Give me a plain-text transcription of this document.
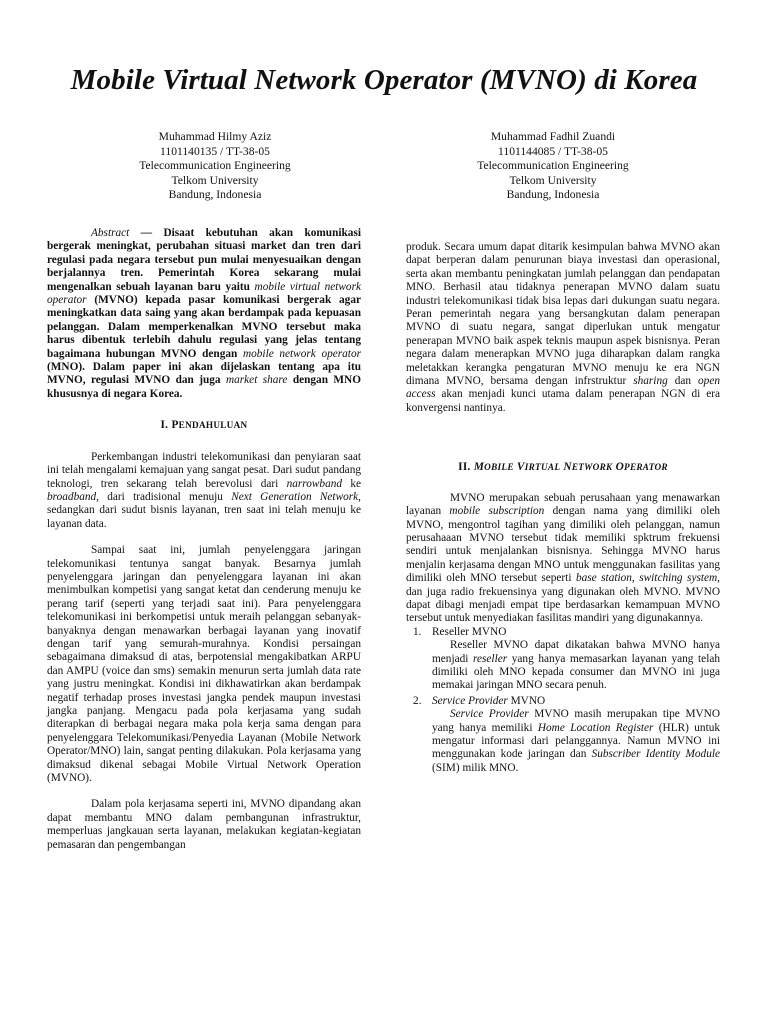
Mobile Virtual Network Operator (MVNO) di Korea
Muhammad Hilmy Aziz
1101140135 / TT-38-05
Telecommunication Engineering
Telkom University
Bandung, Indonesia
Muhammad Fadhil Zuandi
1101144085 / TT-38-05
Telecommunication Engineering
Telkom University
Bandung, Indonesia

Abstract — Disaat kebutuhan akan komunikasi bergerak meningkat, perubahan situasi market dan tren dari regulasi pada negara tersebut pun mulai menyesuaikan dengan berjalannya tren. Pemerintah Korea sekarang mulai mengenalkan sebuah layanan baru yaitu mobile virtual network operator (MVNO) kepada pasar komunikasi bergerak agar meningkatkan data saing yang akan berdampak pada kepuasan pelanggan. Dalam memperkenalkan MVNO tersebut maka harus dibentuk terlebih dahulu regulasi yang jelas tentang bagaimana hubungan MVNO dengan mobile network operator (MNO). Dalam paper ini akan dijelaskan tentang apa itu MVNO, regulasi MVNO dan juga market share dengan MNO khususnya di negara Korea.

I. PENDAHULUAN

Perkembangan industri telekomunikasi dan penyiaran saat ini telah mengalami kemajuan yang sangat pesat. Dari sudut pandang teknologi, tren sekarang telah berevolusi dari narrowband ke broadband, dari tradisional menuju Next Generation Network, sedangkan dari sudut bisnis layanan, tren saat ini telah menuju ke layanan data.

Sampai saat ini, jumlah penyelenggara jaringan telekomunikasi tentunya sangat banyak. Besarnya jumlah penyelenggara jaringan dan penyelenggara layanan ini akan menimbulkan kompetisi yang sangat ketat dan cenderung menuju ke perang tarif (seperti yang terjadi saat ini). Para penyelenggara telekomunikasi ini berkompetisi untuk meraih pelanggan sebanyak-banyaknya dengan menawarkan berbagai layanan yang inovatif dengan tarif yang semurah-murahnya. Kondisi persaingan sebagaimana dimaksud di atas, berpotensial mengakibatkan ARPU dan AMPU (voice dan sms) semakin menurun serta jumlah data rate yang justru meningkat. Kondisi ini dikhawatirkan akan berdampak negatif terhadap proses investasi jangka pendek maupun investasi jangka panjang. Mengacu pada pola kerjasama yang sudah diterapkan di berbagai negara maka pola kerja sama dengan para penyelenggara Telekomunikasi/Penyedia Layanan (Mobile Network Operator/MNO) lain, sangat penting dilakukan. Pola kerjasama yang dimaksud dikenal sebagai Mobile Virtual Network Operation (MVNO).

Dalam pola kerjasama seperti ini, MVNO dipandang akan dapat membantu MNO dalam pembangunan infrastruktur, memperluas jangkauan serta layanan, melakukan kegiatan-kegiatan pemasaran dan pengembangan

produk. Secara umum dapat ditarik kesimpulan bahwa MVNO akan dapat berperan dalam penurunan biaya investasi dan operasional, serta akan membantu peningkatan jumlah pelanggan dan pendapatan MNO. Berhasil atau tidaknya penerapan MVNO dalam suatu industri telekomunikasi tidak bisa lepas dari dukungan suatu negara. Peran pemerintah negara yang bersangkutan dalam penerapan MVNO di suatu negara, sangat diperlukan untuk mengatur penerapan MVNO baik aspek teknis maupun aspek bisnisnya. Peran negara dalam menerapkan MVNO juga diharapkan dalam rangka meletakkan kerangka pengaturan MVNO menuju ke era NGN dimana MVNO, bersama dengan infrstruktur sharing dan open access akan menjadi kunci utama dalam penerapan NGN di era konvergensi nantinya.

II. MOBILE VIRTUAL NETWORK OPERATOR

MVNO merupakan sebuah perusahaan yang menawarkan layanan mobile subscription dengan nama yang dimiliki oleh MVNO, mengontrol tagihan yang dimiliki oleh pelanggan, namun perusahaaan MVNO tersebut tidak memiliki spktrum frekuensi sendiri untuk menjalankan bisnisnya. Sehingga MVNO harus menjalin kerjasama dengan MNO untuk menggunakan fasilitas yang dimiliki oleh MNO tersebut seperti base station, switching system, dan juga radio frekuensinya yang digunakan oleh MVNO. MVNO dapat dibagi menjadi empat tipe berdasarkan kemampuan MVNO tersebut untuk menyediakan fasilitas mandiri yang digunakannya.

1. Reseller MVNO

Reseller MVNO dapat dikatakan bahwa MVNO hanya menjadi reseller yang hanya memasarkan layanan yang telah dimiliki oleh MNO kepada consumer dan MVNO ini juga memakai jaringan MNO secara penuh.

2. Service Provider MVNO

Service Provider MVNO masih merupakan tipe MVNO yang hanya memiliki Home Location Register (HLR) untuk mengatur informasi dari pelanggannya. Namun MVNO ini menggunakan kode jaringan dan Subscriber Identity Module (SIM) milik MNO.
